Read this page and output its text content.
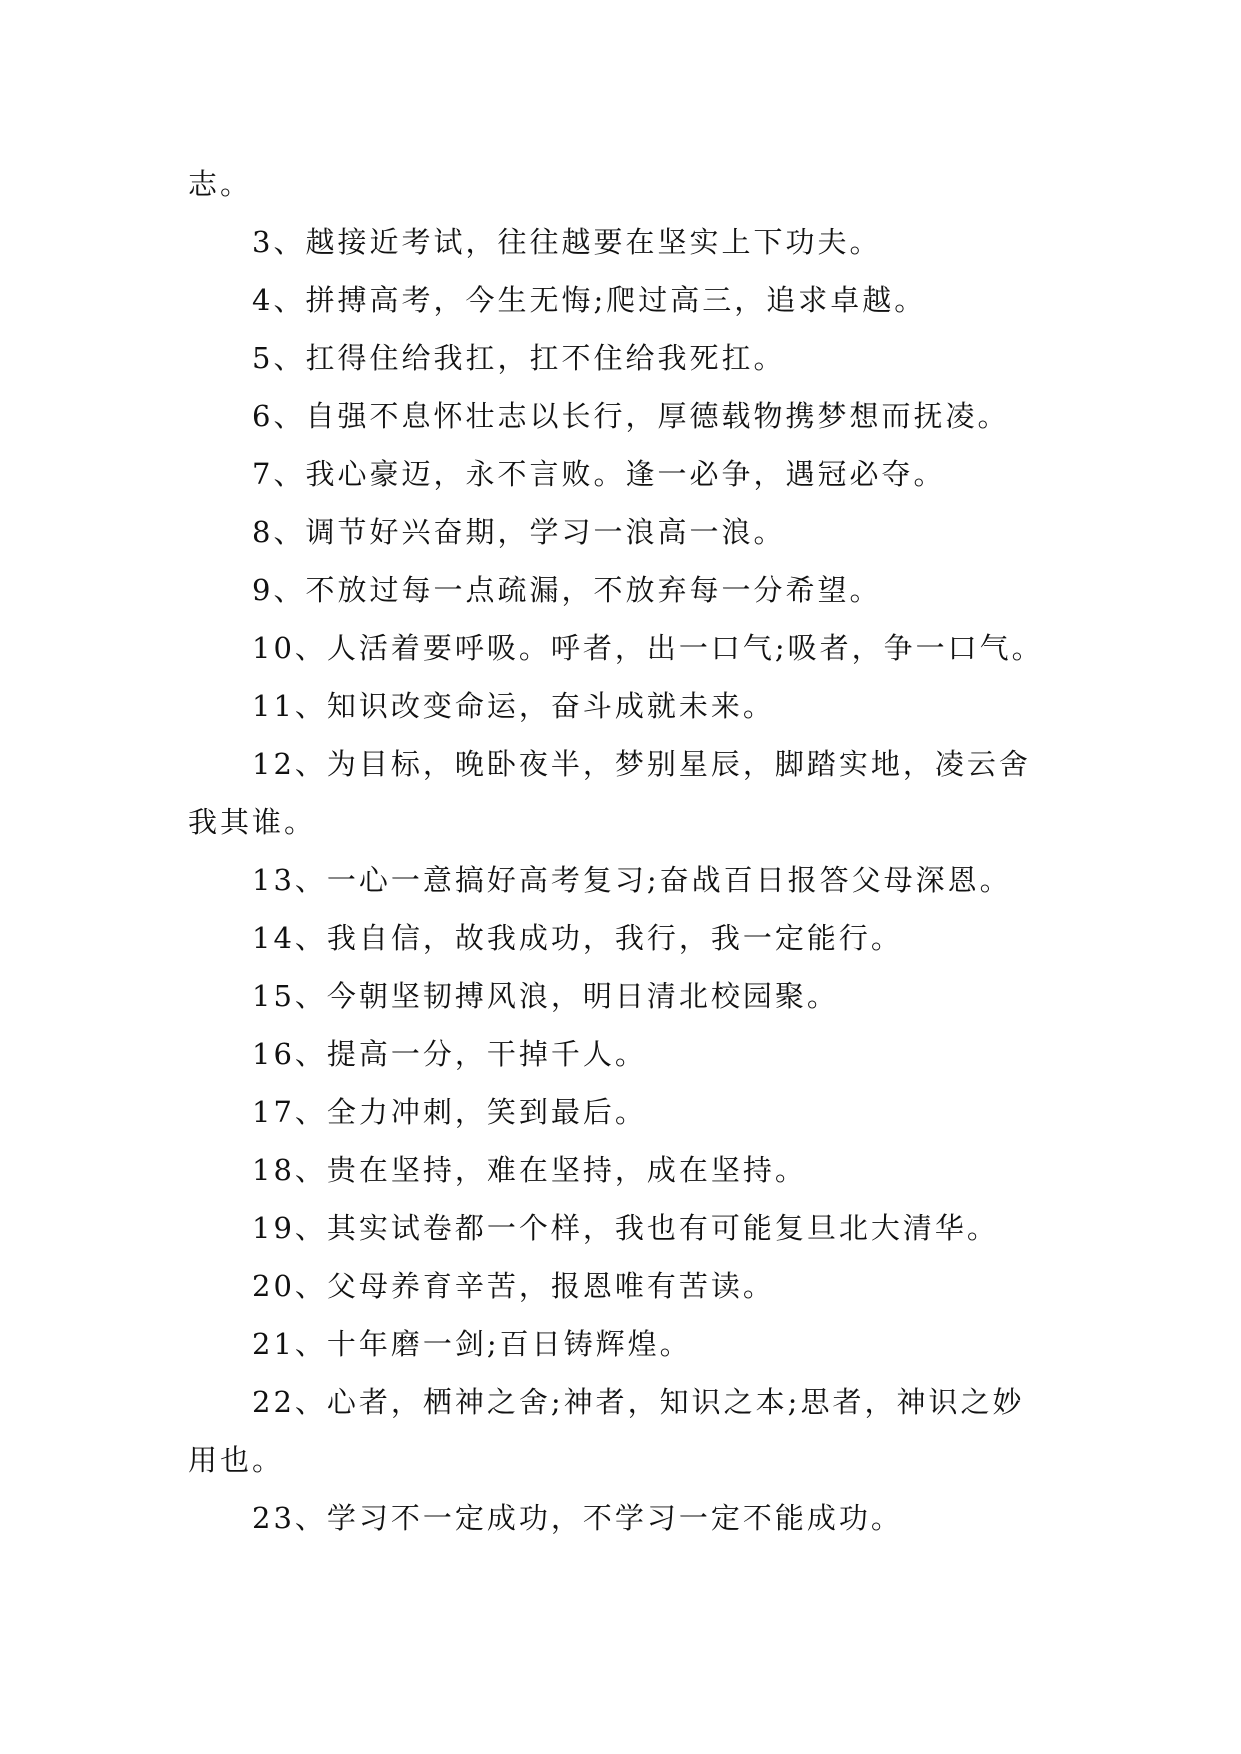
志。
3、越接近考试，往往越要在坚实上下功夫。
4、拼搏高考，今生无悔;爬过高三，追求卓越。
5、扛得住给我扛，扛不住给我死扛。
6、自强不息怀壮志以长行，厚德载物携梦想而抚凌。
7、我心豪迈，永不言败。逢一必争，遇冠必夺。
8、调节好兴奋期，学习一浪高一浪。
9、不放过每一点疏漏，不放弃每一分希望。
10、人活着要呼吸。呼者，出一口气;吸者，争一口气。
11、知识改变命运，奋斗成就未来。
12、为目标，晚卧夜半，梦别星辰，脚踏实地，凌云舍
我其谁。
13、一心一意搞好高考复习;奋战百日报答父母深恩。
14、我自信，故我成功，我行，我一定能行。
15、今朝坚韧搏风浪，明日清北校园聚。
16、提高一分，干掉千人。
17、全力冲刺，笑到最后。
18、贵在坚持，难在坚持，成在坚持。
19、其实试卷都一个样，我也有可能复旦北大清华。
20、父母养育辛苦，报恩唯有苦读。
21、十年磨一剑;百日铸辉煌。
22、心者，栖神之舍;神者，知识之本;思者，神识之妙
用也。
23、学习不一定成功，不学习一定不能成功。
